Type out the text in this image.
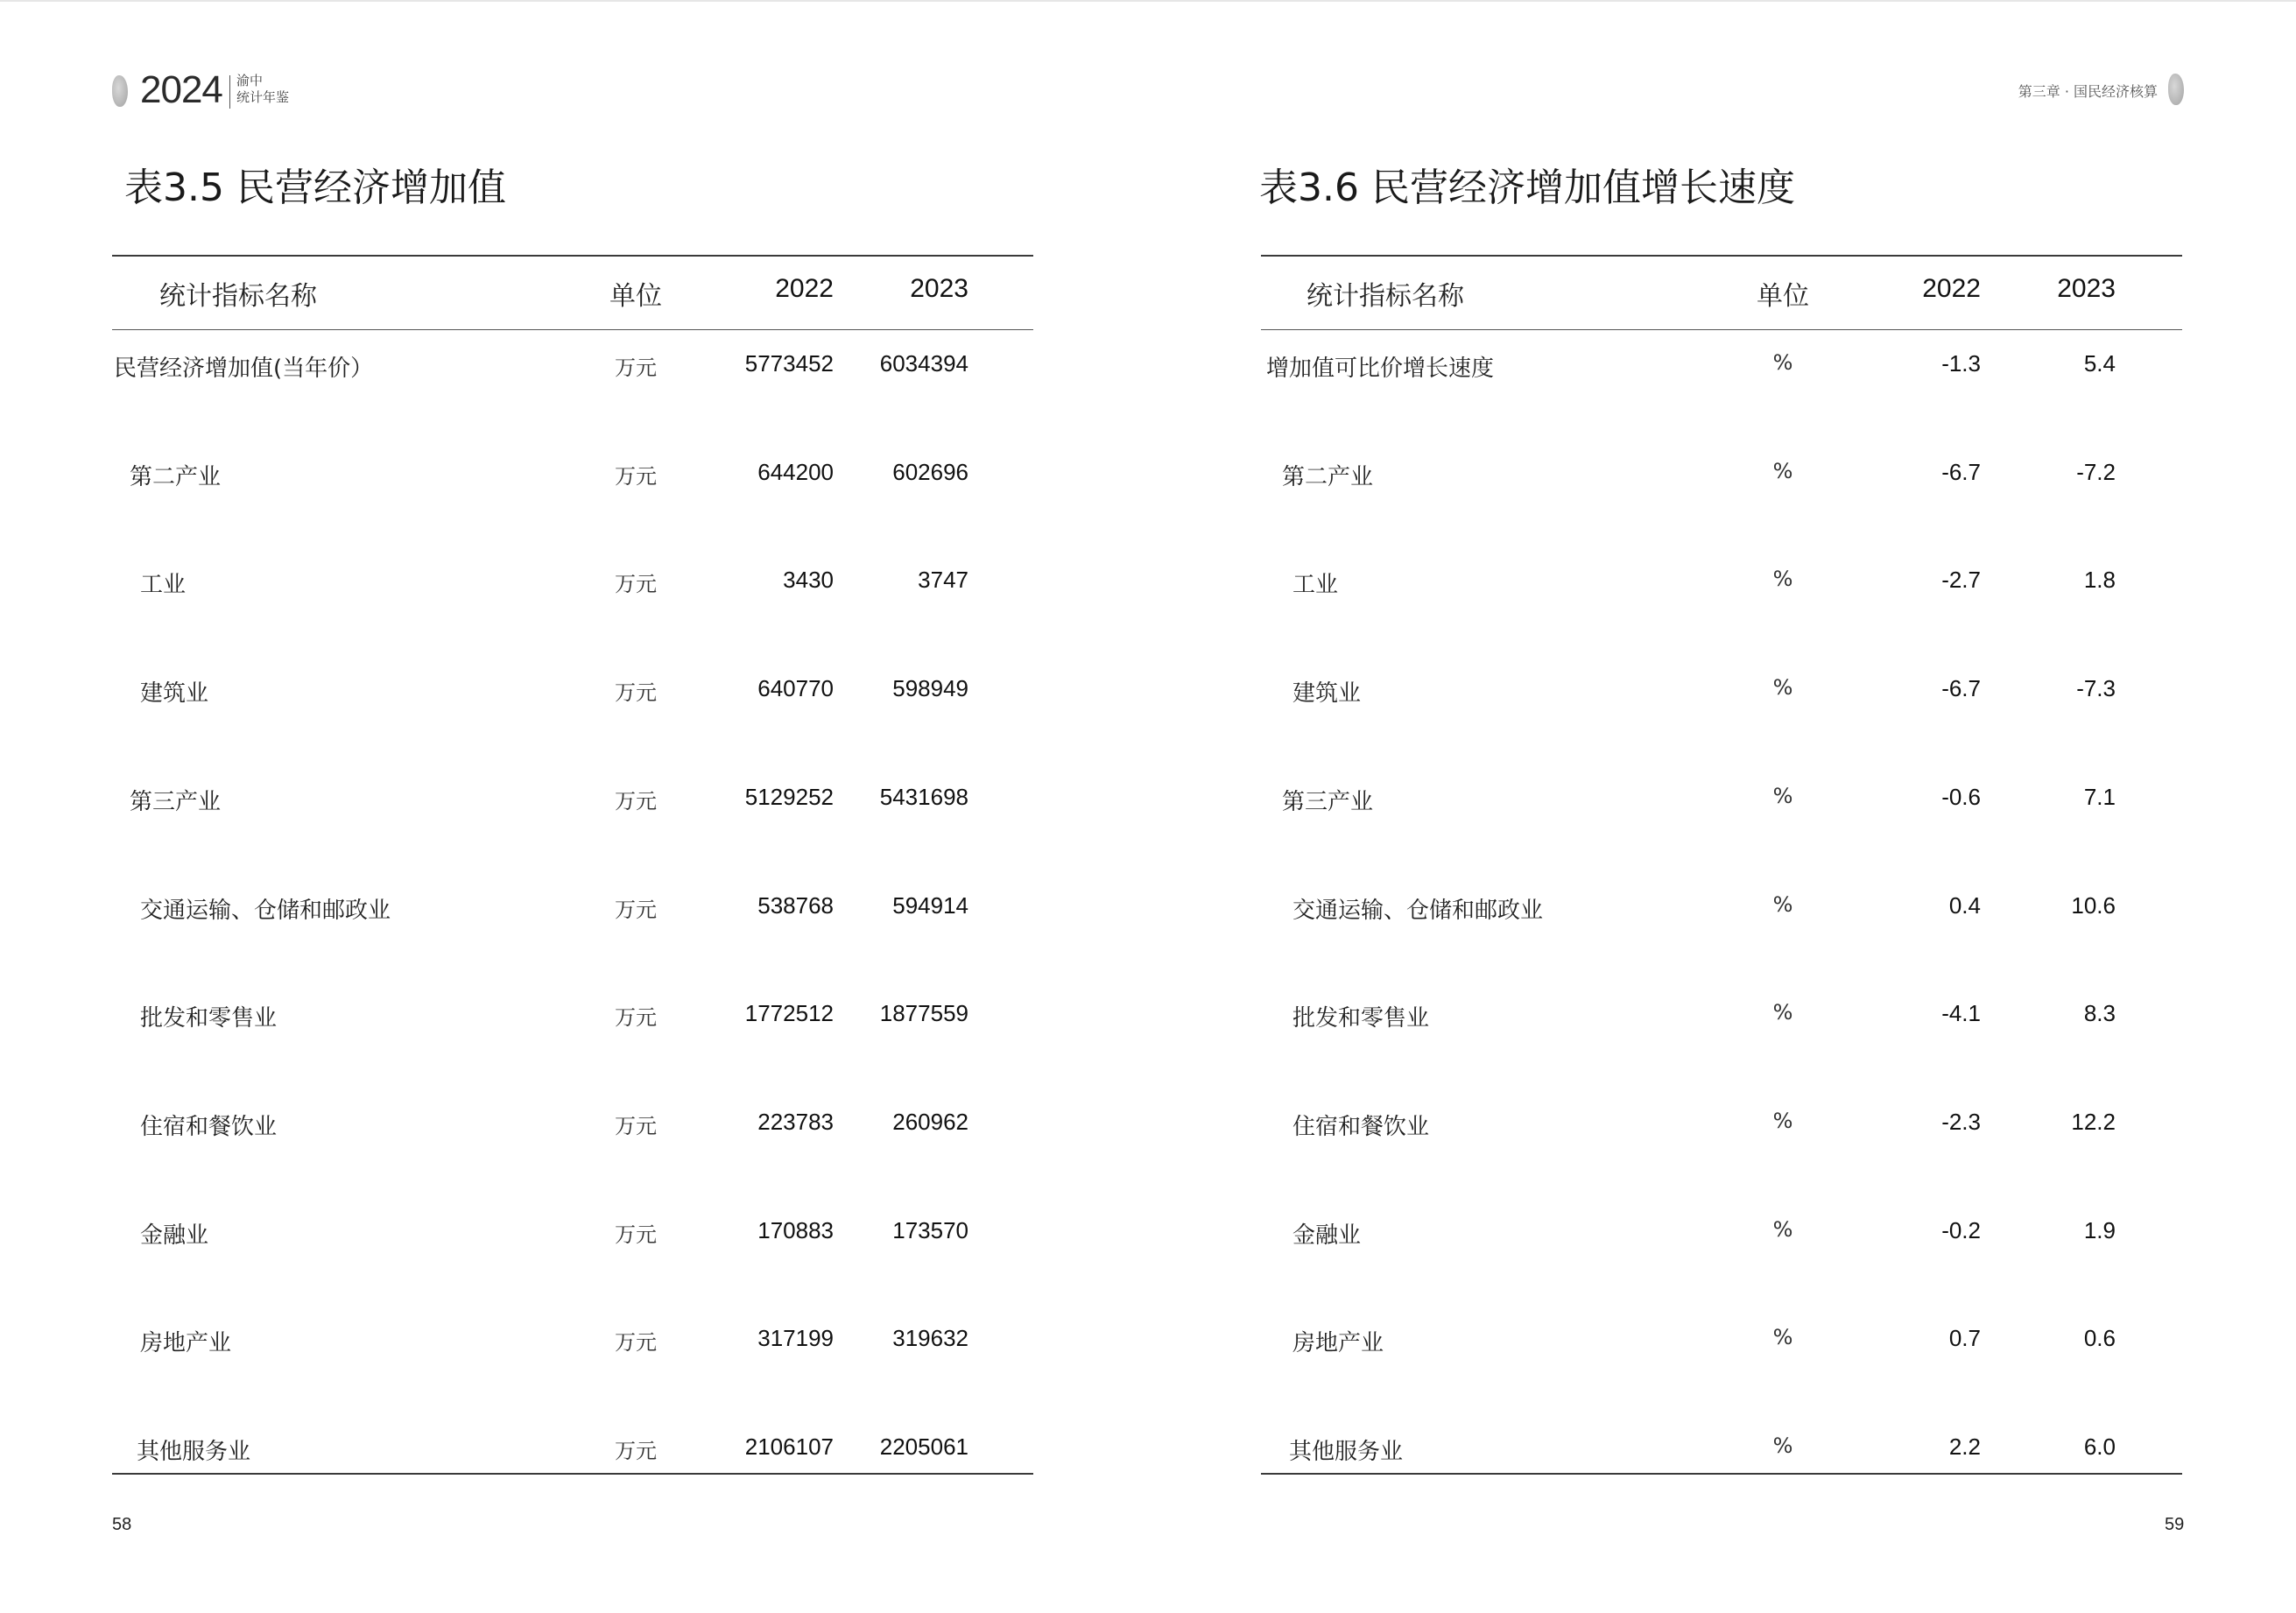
2024 渝中
统计年鉴	第三章 · 国民经济核算
表3.5 民营经济增加值
统计指标名称	单位	2022	2023
民营经济增加值(当年价）	万元	5773452	6034394
第二产业	万元	644200	602696
工业	万元	3430	3747
建筑业	万元	640770	598949
第三产业	万元	5129252	5431698
交通运输、仓储和邮政业	万元	538768	594914
批发和零售业	万元	1772512	1877559
住宿和餐饮业	万元	223783	260962
金融业	万元	170883	173570
房地产业	万元	317199	319632
其他服务业	万元	2106107	2205061
表3.6 民营经济增加值增长速度
统计指标名称	单位	2022	2023
增加值可比价增长速度	%	-1.3	5.4
第二产业	%	-6.7	-7.2
工业	%	-2.7	1.8
建筑业	%	-6.7	-7.3
第三产业	%	-0.6	7.1
交通运输、仓储和邮政业	%	0.4	10.6
批发和零售业	%	-4.1	8.3
住宿和餐饮业	%	-2.3	12.2
金融业	%	-0.2	1.9
房地产业	%	0.7	0.6
其他服务业	%	2.2	6.0
58	59
